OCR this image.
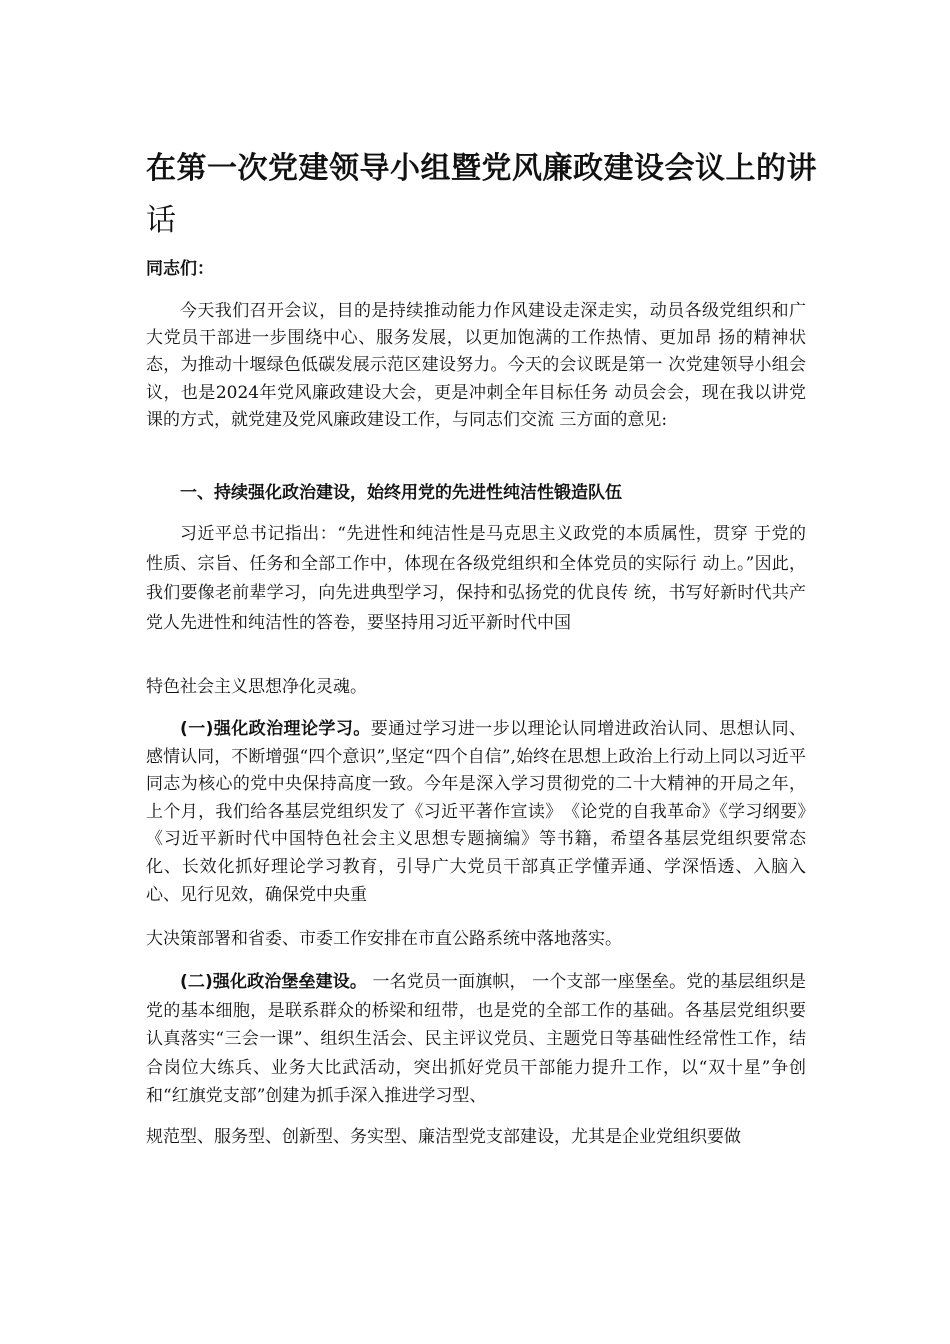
在第一次党建领导小组暨党风廉政建设会议上的讲
话

同志们：

今天我们召开会议，目的是持续推动能力作风建设走深走实，动员各级党组织和广大党员干部进一步围绕中心、服务发展，以更加饱满的工作热情、更加昂 扬的精神状态，为推动十堰绿色低碳发展示范区建设努力。今天的会议既是第一 次党建领导小组会议，也是2024年党风廉政建设大会，更是冲刺全年目标任务 动员会会，现在我以讲党课的方式，就党建及党风廉政建设工作，与同志们交流 三方面的意见:

一、持续强化政治建设，始终用党的先进性纯洁性锻造队伍

习近平总书记指出：“先进性和纯洁性是马克思主义政党的本质属性，贯穿 于党的性质、宗旨、任务和全部工作中，体现在各级党组织和全体党员的实际行 动上。”因此，我们要像老前辈学习，向先进典型学习，保持和弘扬党的优良传 统，书写好新时代共产党人先进性和纯洁性的答卷，要坚持用习近平新时代中国

特色社会主义思想净化灵魂。

(一)强化政治理论学习。要通过学习进一步以理论认同增进政治认同、思想认同、感情认同，不断增强“四个意识”,坚定“四个自信”,始终在思想上政治上行动上同以习近平同志为核心的党中央保持高度一致。今年是深入学习贯彻党的二十大精神的开局之年，上个月，我们给各基层党组织发了《习近平著作宣读》　《论党的自我革命》《学习纲要》　《习近平新时代中国特色社会主义思想专题摘编》等书籍，希望各基层党组织要常态化、长效化抓好理论学习教育，引导广大党员干部真正学懂弄通、学深悟透、入脑入心、见行见效，确保党中央重

大决策部署和省委、市委工作安排在市直公路系统中落地落实。

(二)强化政治堡垒建设。 一名党员一面旗帜， 一个支部一座堡垒。党的基层组织是党的基本细胞，是联系群众的桥梁和纽带，也是党的全部工作的基础。各基层党组织要认真落实“三会一课”、组织生活会、民主评议党员、主题党日等基础性经常性工作，结合岗位大练兵、业务大比武活动，突出抓好党员干部能力提升工作，以“双十星”争创和“红旗党支部”创建为抓手深入推进学习型、

规范型、服务型、创新型、务实型、廉洁型党支部建设，尤其是企业党组织要做
